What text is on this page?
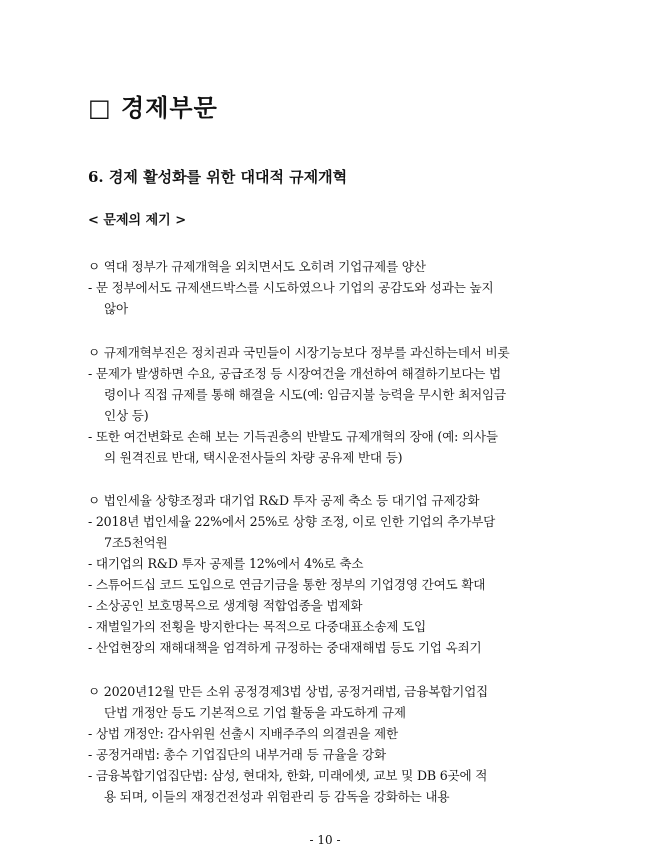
□ 경제부문
6. 경제 활성화를 위한 대대적 규제개혁
< 문제의 제기 >
ㅇ 역대 정부가 규제개혁을 외치면서도 오히려 기업규제를 양산
- 문 정부에서도 규제샌드박스를 시도하였으나 기업의 공감도와 성과는 높지
않아
ㅇ 규제개혁부진은 정치권과 국민들이 시장기능보다 정부를 과신하는데서 비롯
- 문제가 발생하면 수요, 공급조정 등 시장여건을 개선하여 해결하기보다는 법
령이나 직접 규제를 통해 해결을 시도(예: 임금지불 능력을 무시한 최저임금
인상 등)
- 또한 여건변화로 손해 보는 기득권층의 반발도 규제개혁의 장애 (예: 의사들
의 원격진료 반대, 택시운전사들의 차량 공유제 반대 등)
ㅇ 법인세율 상향조정과 대기업 R&D 투자 공제 축소 등 대기업 규제강화
- 2018년 법인세율 22%에서 25%로 상향 조정, 이로 인한 기업의 추가부담
7조5천억원
- 대기업의 R&D 투자 공제를 12%에서 4%로 축소
- 스튜어드십 코드 도입으로 연금기금을 통한 정부의 기업경영 간여도 확대
- 소상공인 보호명목으로 생계형 적합업종을 법제화
- 재벌일가의 전횡을 방지한다는 목적으로 다중대표소송제 도입
- 산업현장의 재해대책을 엄격하게 규정하는 중대재해법 등도 기업 옥죄기
ㅇ 2020년12월 만든 소위 공정경제3법 상법, 공정거래법, 금융복합기업집
단법 개정안 등도 기본적으로 기업 활동을 과도하게 규제
- 상법 개정안: 감사위원 선출시 지배주주의 의결권을 제한
- 공정거래법: 총수 기업집단의 내부거래 등 규율을 강화
- 금융복합기업집단법: 삼성, 현대차, 한화, 미래에셋, 교보 및 DB 6곳에 적
용 되며, 이들의 재정건전성과 위험관리 등 감독을 강화하는 내용
- 10 -
